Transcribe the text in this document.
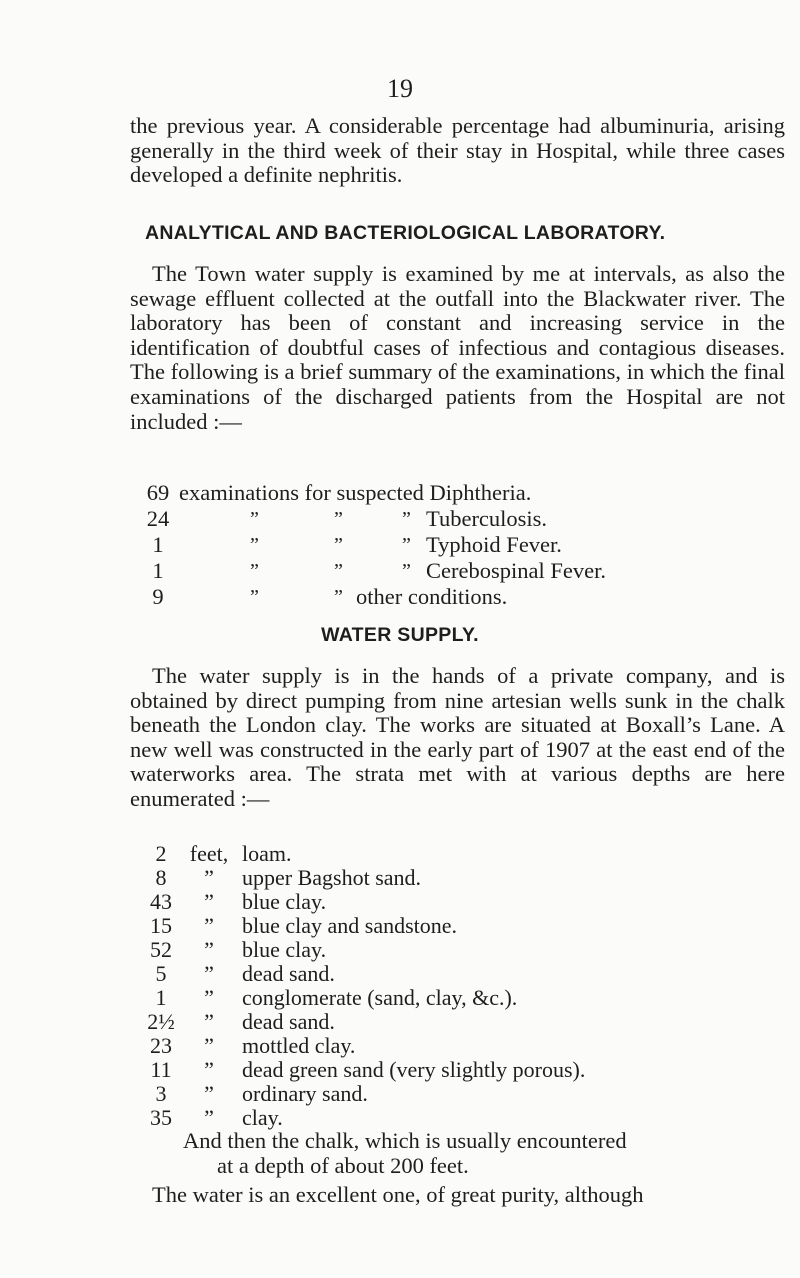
19

the previous year. A considerable percentage had albuminuria, arising generally in the third week of their stay in Hospital, while three cases developed a definite nephritis.

ANALYTICAL AND BACTERIOLOGICAL LABORATORY.

The Town water supply is examined by me at intervals, as also the sewage effluent collected at the outfall into the Blackwater river. The laboratory has been of constant and increasing service in the identification of doubtful cases of infectious and contagious diseases. The following is a brief summary of the examinations, in which the final examinations of the discharged patients from the Hospital are not included :—

69 examinations for suspected Diphtheria.
24	”	”	” Tuberculosis.
1	”	”	” Typhoid Fever.
1	”	”	” Cerebospinal Fever.
9	”	” other conditions.
WATER SUPPLY.

The water supply is in the hands of a private company, and is obtained by direct pumping from nine artesian wells sunk in the chalk beneath the London clay. The works are situated at Boxall’s Lane. A new well was constructed in the early part of 1907 at the east end of the waterworks area. The strata met with at various depths are here enumerated :—

2	feet, loam.
8	”	upper Bagshot sand.
43	”	blue clay.
15	”	blue clay and sandstone.
52	”	blue clay.
5	”	dead sand.
1	”	conglomerate (sand, clay, &c.).
2½	”	dead sand.
23	”	mottled clay.
11	”	dead green sand (very slightly porous).
3	”	ordinary sand.
35	”	clay.

And then the chalk, which is usually encountered
at a depth of about 200 feet.

The water is an excellent one, of great purity, although
